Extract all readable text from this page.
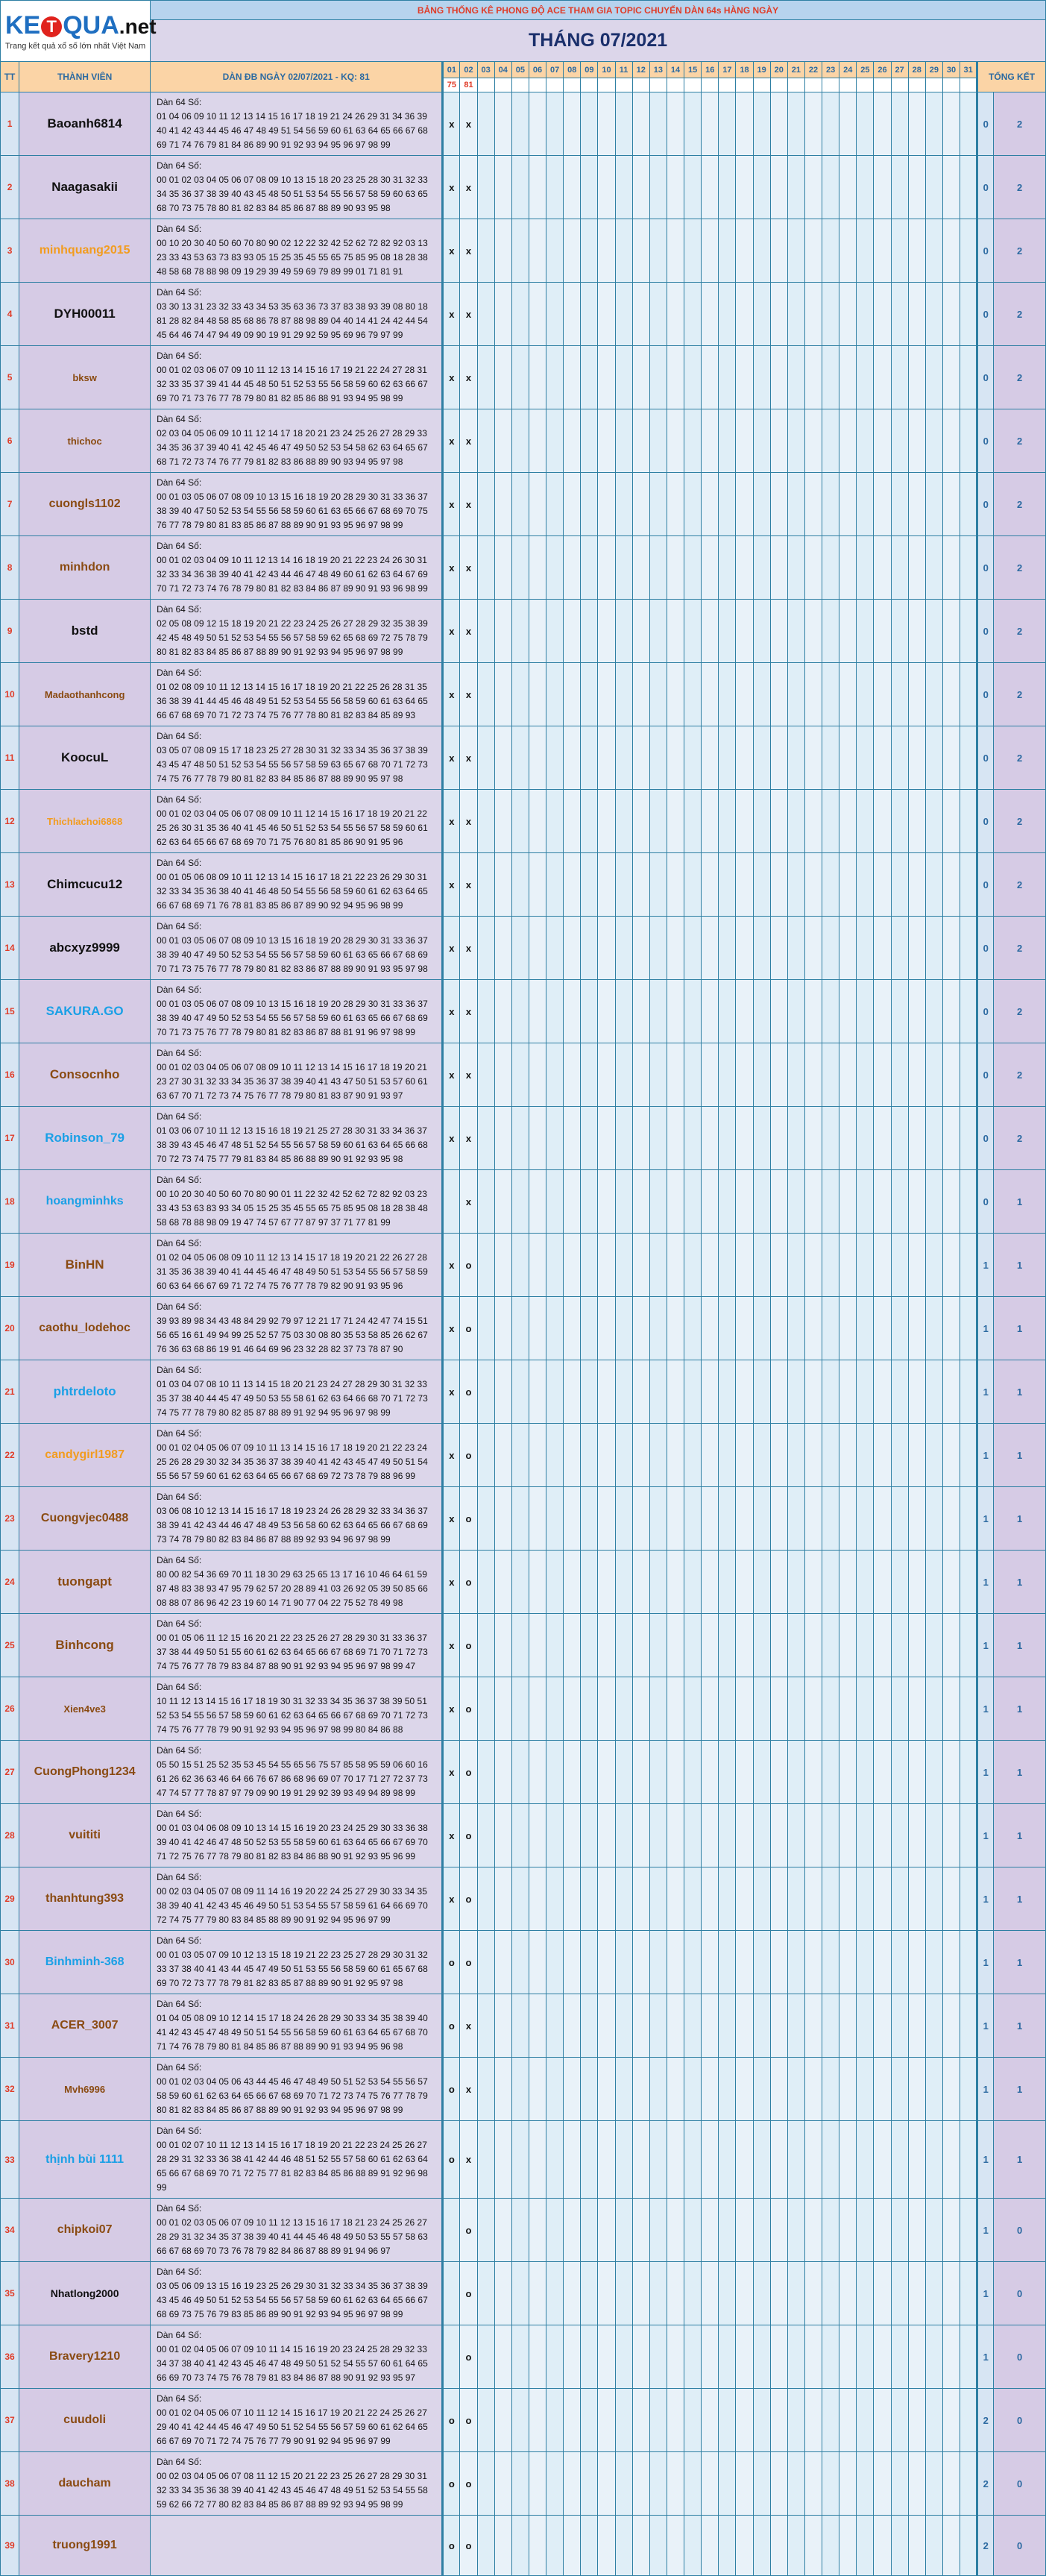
KE T QUA.net
Trang kết quả xổ số lớn nhất Việt Nam		BẢNG THỐNG KÊ PHONG ĐỘ ACE THAM GIA TOPIC CHUYỂN DÀN 64s HÀNG NGÀY																																	
		THÁNG 07/2021																																	
TT	THÀNH VIÊN	DÀN ĐB NGÀY 02/07/2021 - KQ: 81	01	02	03	04	05	06	07	08	09	10	11	12	13	14	15	16	17	18	19	20	21	22	23	24	25	26	27	28	29	30	31	TỔNG KẾT	
			75	81																															
1	Baoanh6814	Dàn 64 Số:
01 04 06 09 10 11 12 13 14 15 16 17 18 19 21 24 26 29 31 34 36 39 40 41 42 43 44 45 46 47 48 49 51 54 56 59 60 61 63 64 65 66 67 68 69 71 74 76 79 81 84 86 89 90 91 92 93 94 95 96 97 98 99	x	x																														0	2
2	Naagasakii	Dàn 64 Số:
00 01 02 03 04 05 06 07 08 09 10 13 15 18 20 23 25 28 30 31 32 33 34 35 36 37 38 39 40 43 45 48 50 51 53 54 55 56 57 58 59 60 63 65 68 70 73 75 78 80 81 82 83 84 85 86 87 88 89 90 93 95 98	x	x																														0	2
3	minhquang2015	Dàn 64 Số:
00 10 20 30 40 50 60 70 80 90 02 12 22 32 42 52 62 72 82 92 03 13 23 33 43 53 63 73 83 93 05 15 25 35 45 55 65 75 85 95 08 18 28 38 48 58 68 78 88 98 09 19 29 39 49 59 69 79 89 99 01 71 81 91	x	x																														0	2
4	DYH00011	Dàn 64 Số:
03 30 13 31 23 32 33 43 34 53 35 63 36 73 37 83 38 93 39 08 80 18 81 28 82 84 48 58 85 68 86 78 87 88 98 89 04 40 14 41 24 42 44 54 45 64 46 74 47 94 49 09 90 19 91 29 92 59 95 69 96 79 97 99	x	x																														0	2
5	bksw	Dàn 64 Số:
00 01 02 03 06 07 09 10 11 12 13 14 15 16 17 19 21 22 24 27 28 31 32 33 35 37 39 41 44 45 48 50 51 52 53 55 56 58 59 60 62 63 66 67 69 70 71 73 76 77 78 79 80 81 82 85 86 88 91 93 94 95 98 99	x	x																														0	2
6	thichoc	Dàn 64 Số:
02 03 04 05 06 09 10 11 12 14 17 18 20 21 23 24 25 26 27 28 29 33 34 35 36 37 39 40 41 42 45 46 47 49 50 52 53 54 58 62 63 64 65 67 68 71 72 73 74 76 77 79 81 82 83 86 88 89 90 93 94 95 97 98	x	x																														0	2
7	cuongls1102	Dàn 64 Số:
00 01 03 05 06 07 08 09 10 13 15 16 18 19 20 28 29 30 31 33 36 37 38 39 40 47 50 52 53 54 55 56 58 59 60 61 63 65 66 67 68 69 70 75 76 77 78 79 80 81 83 85 86 87 88 89 90 91 93 95 96 97 98 99	x	x																														0	2
8	minhdon	Dàn 64 Số:
00 01 02 03 04 09 10 11 12 13 14 16 18 19 20 21 22 23 24 26 30 31 32 33 34 36 38 39 40 41 42 43 44 46 47 48 49 60 61 62 63 64 67 69 70 71 72 73 74 76 78 79 80 81 82 83 84 86 87 89 90 91 93 96 98 99	x	x																														0	2
9	bstd	Dàn 64 Số:
02 05 08 09 12 15 18 19 20 21 22 23 24 25 26 27 28 29 32 35 38 39 42 45 48 49 50 51 52 53 54 55 56 57 58 59 62 65 68 69 72 75 78 79 80 81 82 83 84 85 86 87 88 89 90 91 92 93 94 95 96 97 98 99	x	x																														0	2
10	Madaothanhcong	Dàn 64 Số:
01 02 08 09 10 11 12 13 14 15 16 17 18 19 20 21 22 25 26 28 31 35 36 38 39 41 44 45 46 48 49 51 52 53 54 55 56 58 59 60 61 63 64 65 66 67 68 69 70 71 72 73 74 75 76 77 78 80 81 82 83 84 85 89 93	x	x																														0	2
11	KoocuL	Dàn 64 Số:
03 05 07 08 09 15 17 18 23 25 27 28 30 31 32 33 34 35 36 37 38 39 43 45 47 48 50 51 52 53 54 55 56 57 58 59 63 65 67 68 70 71 72 73 74 75 76 77 78 79 80 81 82 83 84 85 86 87 88 89 90 95 97 98	x	x																														0	2
12	Thichlachoi6868	Dàn 64 Số:
00 01 02 03 04 05 06 07 08 09 10 11 12 14 15 16 17 18 19 20 21 22 25 26 30 31 35 36 40 41 45 46 50 51 52 53 54 55 56 57 58 59 60 61 62 63 64 65 66 67 68 69 70 71 75 76 80 81 85 86 90 91 95 96	x	x																														0	2
13	Chimcucu12	Dàn 64 Số:
00 01 05 06 08 09 10 11 12 13 14 15 16 17 18 21 22 23 26 29 30 31 32 33 34 35 36 38 40 41 46 48 50 54 55 56 58 59 60 61 62 63 64 65 66 67 68 69 71 76 78 81 83 85 86 87 89 90 92 94 95 96 98 99	x	x																														0	2
14	abcxyz9999	Dàn 64 Số:
00 01 03 05 06 07 08 09 10 13 15 16 18 19 20 28 29 30 31 33 36 37 38 39 40 47 49 50 52 53 54 55 56 57 58 59 60 61 63 65 66 67 68 69 70 71 73 75 76 77 78 79 80 81 82 83 86 87 88 89 90 91 93 95 97 98	x	x																														0	2
15	SAKURA.GO	Dàn 64 Số:
00 01 03 05 06 07 08 09 10 13 15 16 18 19 20 28 29 30 31 33 36 37 38 39 40 47 49 50 52 53 54 55 56 57 58 59 60 61 63 65 66 67 68 69 70 71 73 75 76 77 78 79 80 81 82 83 86 87 88 81 91 96 97 98 99	x	x																														0	2
16	Consocnho	Dàn 64 Số:
00 01 02 03 04 05 06 07 08 09 10 11 12 13 14 15 16 17 18 19 20 21 23 27 30 31 32 33 34 35 36 37 38 39 40 41 43 47 50 51 53 57 60 61 63 67 70 71 72 73 74 75 76 77 78 79 80 81 83 87 90 91 93 97	x	x																														0	2
17	Robinson_79	Dàn 64 Số:
01 03 06 07 10 11 12 13 15 16 18 19 21 25 27 28 30 31 33 34 36 37 38 39 43 45 46 47 48 51 52 54 55 56 57 58 59 60 61 63 64 65 66 68 70 72 73 74 75 77 79 81 83 84 85 86 88 89 90 91 92 93 95 98	x	x																														0	2
18	hoangminhks	Dàn 64 Số:
00 10 20 30 40 50 60 70 80 90 01 11 22 32 42 52 62 72 82 92 03 23 33 43 53 63 83 93 34 05 15 25 35 45 55 65 75 85 95 08 18 28 38 48 58 68 78 88 98 09 19 47 74 57 67 77 87 97 37 71 77 81 99		x																														0	1
19	BinHN	Dàn 64 Số:
01 02 04 05 06 08 09 10 11 12 13 14 15 17 18 19 20 21 22 26 27 28 31 35 36 38 39 40 41 44 45 46 47 48 49 50 51 53 54 55 56 57 58 59 60 63 64 66 67 69 71 72 74 75 76 77 78 79 82 90 91 93 95 96	x	o																														1	1
20	caothu_lodehoc	Dàn 64 Số:
39 93 89 98 34 43 48 84 29 92 79 97 12 21 17 71 24 42 47 74 15 51 56 65 16 61 49 94 99 25 52 57 75 03 30 08 80 35 53 58 85 26 62 67 76 36 63 68 86 19 91 46 64 69 96 23 32 28 82 37 73 78 87 90	x	o																														1	1
21	phtrdeloto	Dàn 64 Số:
01 03 04 07 08 10 11 13 14 15 18 20 21 23 24 27 28 29 30 31 32 33 35 37 38 40 44 45 47 49 50 53 55 58 61 62 63 64 66 68 70 71 72 73 74 75 77 78 79 80 82 85 87 88 89 91 92 94 95 96 97 98 99	x	o																														1	1
22	candygirl1987	Dàn 64 Số:
00 01 02 04 05 06 07 09 10 11 13 14 15 16 17 18 19 20 21 22 23 24 25 26 28 29 30 32 34 35 36 37 38 39 40 41 42 43 45 47 49 50 51 54 55 56 57 59 60 61 62 63 64 65 66 67 68 69 72 73 78 79 88 96 99	x	o																														1	1
23	Cuongvjec0488	Dàn 64 Số:
03 06 08 10 12 13 14 15 16 17 18 19 23 24 26 28 29 32 33 34 36 37 38 39 41 42 43 44 46 47 48 49 53 56 58 60 62 63 64 65 66 67 68 69 73 74 78 79 80 82 83 84 86 87 88 89 92 93 94 96 97 98 99	x	o																														1	1
24	tuongapt	Dàn 64 Số:
80 00 82 54 36 69 70 11 18 30 29 63 25 65 13 17 16 10 46 64 61 59 87 48 83 38 93 47 95 79 62 57 20 28 89 41 03 26 92 05 39 50 85 66 08 88 07 86 96 42 23 19 60 14 71 90 77 04 22 75 52 78 49 98	x	o																														1	1
25	Binhcong	Dàn 64 Số:
00 01 05 06 11 12 15 16 20 21 22 23 25 26 27 28 29 30 31 33 36 37 37 38 44 49 50 51 55 60 61 62 63 64 65 66 67 68 69 71 70 71 72 73 74 75 76 77 78 79 83 84 87 88 90 91 92 93 94 95 96 97 98 99 47	x	o																														1	1
26	Xien4ve3	Dàn 64 Số:
10 11 12 13 14 15 16 17 18 19 30 31 32 33 34 35 36 37 38 39 50 51 52 53 54 55 56 57 58 59 60 61 62 63 64 65 66 67 68 69 70 71 72 73 74 75 76 77 78 79 90 91 92 93 94 95 96 97 98 99 80 84 86 88	x	o																														1	1
27	CuongPhong1234	Dàn 64 Số:
05 50 15 51 25 52 35 53 45 54 55 65 56 75 57 85 58 95 59 06 60 16 61 26 62 36 63 46 64 66 76 67 86 68 96 69 07 70 17 71 27 72 37 73 47 74 57 77 78 87 97 79 09 90 19 91 29 92 39 93 49 94 89 98 99	x	o																														1	1
28	vuititi	Dàn 64 Số:
00 01 03 04 06 08 09 10 13 14 15 16 19 20 23 24 25 29 30 33 36 38 39 40 41 42 46 47 48 50 52 53 55 58 59 60 61 63 64 65 66 67 69 70 71 72 75 76 77 78 79 80 81 82 83 84 86 88 90 91 92 93 95 96 99	x	o																														1	1
29	thanhtung393	Dàn 64 Số:
00 02 03 04 05 07 08 09 11 14 16 19 20 22 24 25 27 29 30 33 34 35 38 39 40 41 42 43 45 46 49 50 51 53 54 55 57 58 59 61 64 66 69 70 72 74 75 77 79 80 83 84 85 88 89 90 91 92 94 95 96 97 99	x	o																														1	1
30	Binhminh-368	Dàn 64 Số:
00 01 03 05 07 09 10 12 13 15 18 19 21 22 23 25 27 28 29 30 31 32 33 37 38 40 41 43 44 45 47 49 50 51 53 55 56 58 59 60 61 65 67 68 69 70 72 73 77 78 79 81 82 83 85 87 88 89 90 91 92 95 97 98	o	o																														1	1
31	ACER_3007	Dàn 64 Số:
01 04 05 08 09 10 12 14 15 17 18 24 26 28 29 30 33 34 35 38 39 40 41 42 43 45 47 48 49 50 51 54 55 56 58 59 60 61 63 64 65 67 68 70 71 74 76 78 79 80 81 84 85 86 87 88 89 90 91 93 94 95 96 98	o	x																														1	1
32	Mvh6996	Dàn 64 Số:
00 01 02 03 04 05 06 43 44 45 46 47 48 49 50 51 52 53 54 55 56 57 58 59 60 61 62 63 64 65 66 67 68 69 70 71 72 73 74 75 76 77 78 79 80 81 82 83 84 85 86 87 88 89 90 91 92 93 94 95 96 97 98 99	o	x																														1	1
33	thịnh bùi 1111	Dàn 64 Số:
00 01 02 07 10 11 12 13 14 15 16 17 18 19 20 21 22 23 24 25 26 27 28 29 31 32 33 36 38 41 42 44 46 48 51 52 55 57 58 60 61 62 63 64 65 66 67 68 69 70 71 72 75 77 81 82 83 84 85 86 88 89 91 92 96 98 99	o	x																														1	1
34	chipkoi07	Dàn 64 Số:
00 01 02 03 05 06 07 09 10 11 12 13 15 16 17 18 21 23 24 25 26 27 28 29 31 32 34 35 37 38 39 40 41 44 45 46 48 49 50 53 55 57 58 63 66 67 68 69 70 73 76 78 79 82 84 86 87 88 89 91 94 96 97		o																														1	0
35	Nhatlong2000	Dàn 64 Số:
03 05 06 09 13 15 16 19 23 25 26 29 30 31 32 33 34 35 36 37 38 39 43 45 46 49 50 51 52 53 54 55 56 57 58 59 60 61 62 63 64 65 66 67 68 69 73 75 76 79 83 85 86 89 90 91 92 93 94 95 96 97 98 99		o																														1	0
36	Bravery1210	Dàn 64 Số:
00 01 02 04 05 06 07 09 10 11 14 15 16 19 20 23 24 25 28 29 32 33 34 37 38 40 41 42 43 45 46 47 48 49 50 51 52 54 55 57 60 61 64 65 66 69 70 73 74 75 76 78 79 81 83 84 86 87 88 90 91 92 93 95 97		o																														1	0
37	cuudoli	Dàn 64 Số:
00 01 02 04 05 06 07 10 11 12 14 15 16 17 19 20 21 22 24 25 26 27 29 40 41 42 44 45 46 47 49 50 51 52 54 55 56 57 59 60 61 62 64 65 66 67 69 70 71 72 74 75 76 77 79 90 91 92 94 95 96 97 99	o	o																														2	0
38	daucham	Dàn 64 Số:
00 02 03 04 05 06 07 08 11 12 15 20 21 22 23 25 26 27 28 29 30 31 32 33 34 35 36 38 39 40 41 42 43 45 46 47 48 49 51 52 53 54 55 58 59 62 66 72 77 80 82 83 84 85 86 87 88 89 92 93 94 95 98 99	o	o																														2	0
39	truong1991		o	o																														2	0
